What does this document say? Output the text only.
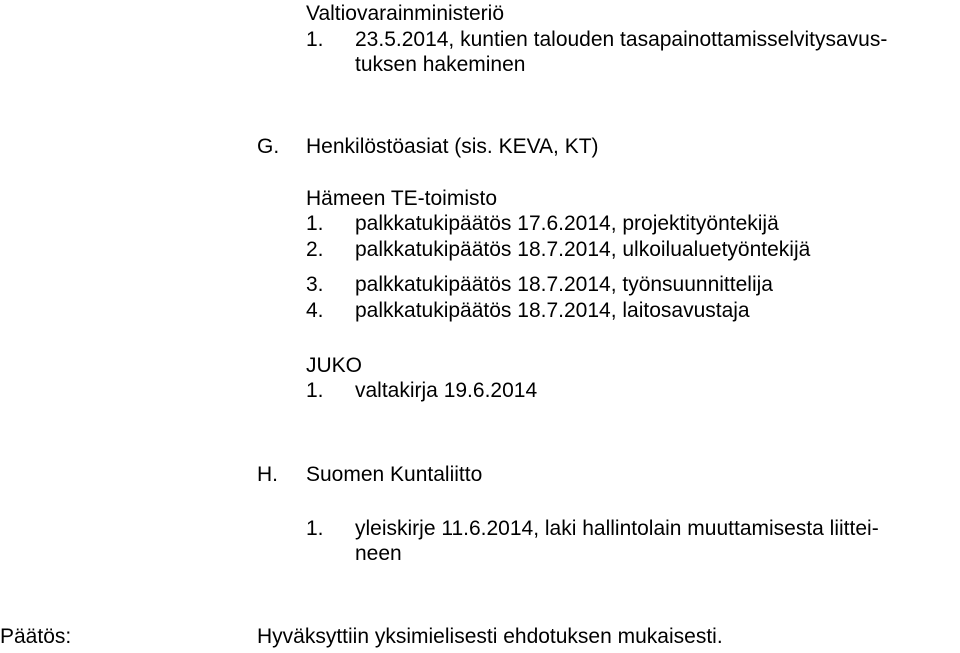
Valtiovarainministeriö
1. 23.5.2014, kuntien talouden tasapainottamisselvitysavus-
tuksen hakeminen
G. Henkilöstöasiat (sis. KEVA, KT)
Hämeen TE-toimisto
1. palkkatukipäätös 17.6.2014, projektityöntekijä
2. palkkatukipäätös 18.7.2014, ulkoilualuetyöntekijä
3. palkkatukipäätös 18.7.2014, työnsuunnittelija
4. palkkatukipäätös 18.7.2014, laitosavustaja
JUKO
1. valtakirja 19.6.2014
H. Suomen Kuntaliitto
1. yleiskirje 11.6.2014, laki hallintolain muuttamisesta liittei-
neen
Päätös:	Hyväksyttiin yksimielisesti ehdotuksen mukaisesti.
